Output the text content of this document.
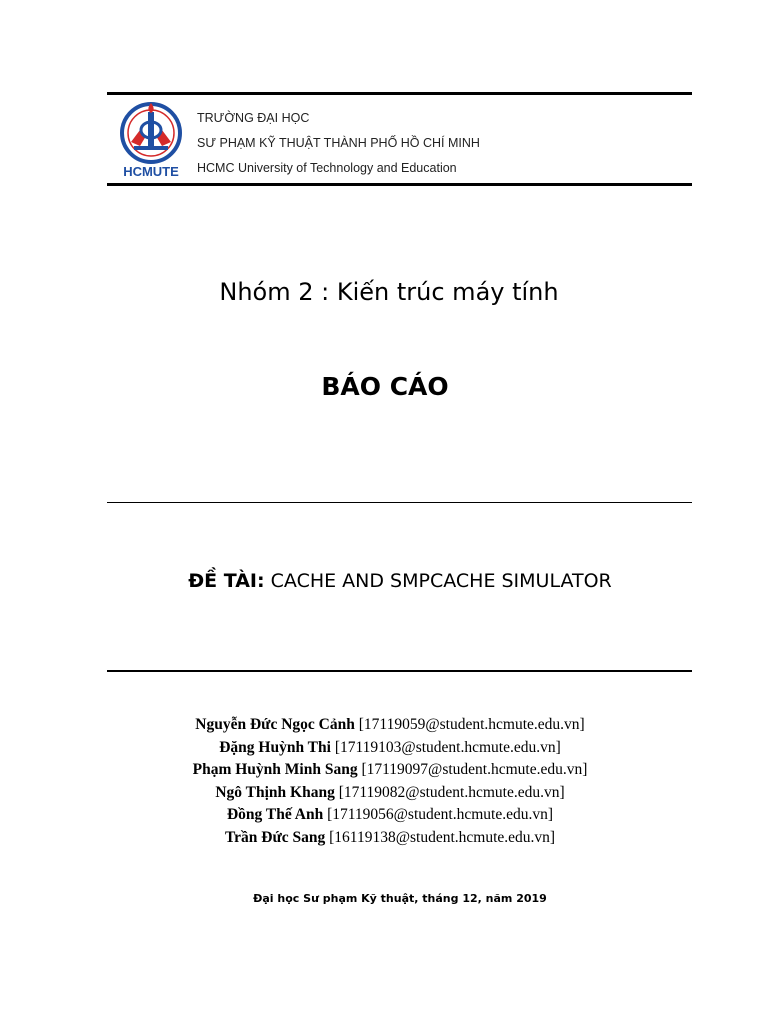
HCMUTE
TRƯỜNG ĐẠI HỌC
SƯ PHẠM KỸ THUẬT THÀNH PHỐ HỒ CHÍ MINH
HCMC University of Technology and Education
Nhóm 2 : Kiến trúc máy tính
BÁO CÁO
ĐỀ TÀI: CACHE AND SMPCACHE SIMULATOR
Nguyễn Đức Ngọc Cảnh [17119059@student.hcmute.edu.vn]
Đặng Huỳnh Thi [17119103@student.hcmute.edu.vn]
Phạm Huỳnh Minh Sang [17119097@student.hcmute.edu.vn]
Ngô Thịnh Khang [17119082@student.hcmute.edu.vn]
Đồng Thế Anh [17119056@student.hcmute.edu.vn]
Trần Đức Sang [16119138@student.hcmute.edu.vn]
Đại học Sư phạm Kỹ thuật, tháng 12, năm 2019
